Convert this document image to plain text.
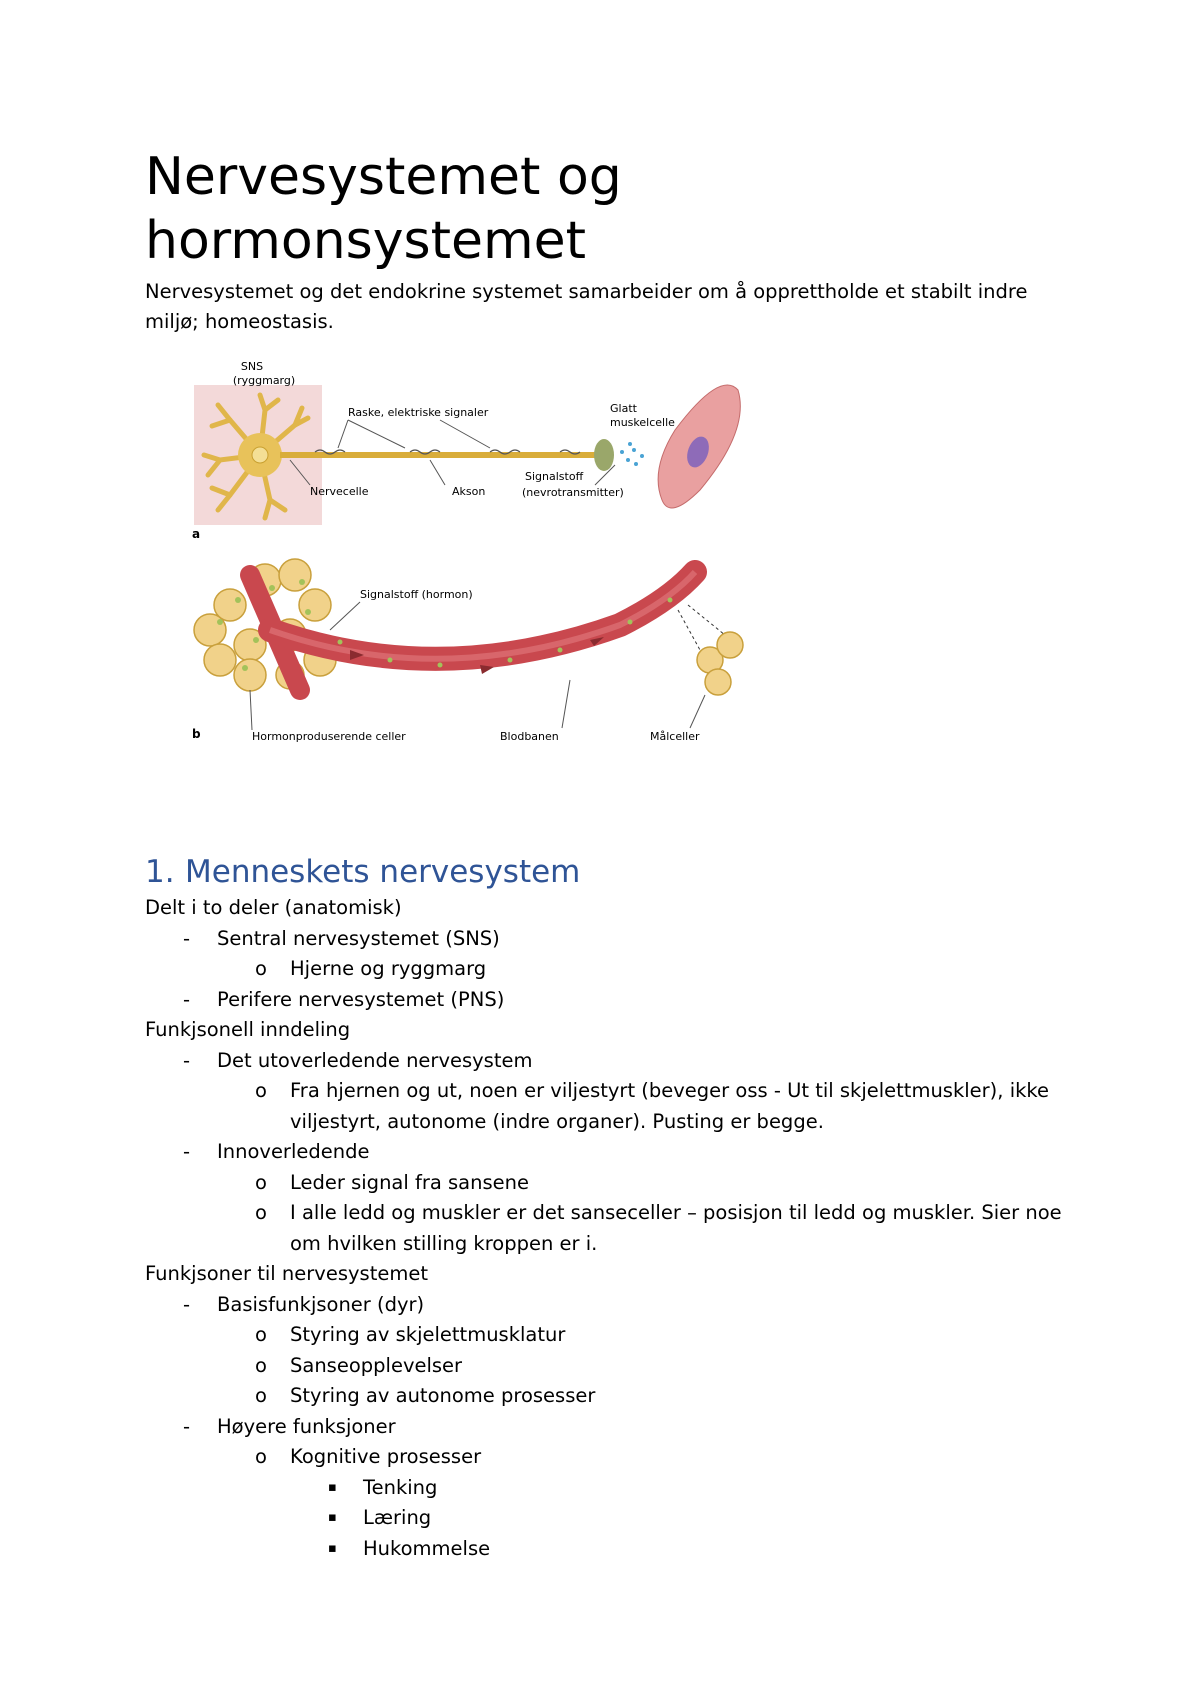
Nervesystemet og
hormonsystemet

Nervesystemet og det endokrine systemet samarbeider om å opprettholde et stabilt indre
miljø; homeostasis.

SNS
(ryggmarg)
Raske, elektriske signaler	Glatt
muskelcelle
Nervecelle	Akson
Signalstoff
(nevrotransmitter)
a
Signalstoff (hormon)
Hormonproduserende celler	Blodbanen	Målceller
b
1. Menneskets nervesystem
Delt i to deler (anatomisk)
- Sentral nervesystemet (SNS)
o Hjerne og ryggmarg
- Perifere nervesystemet (PNS)
Funkjsonell inndeling
- Det utoverledende nervesystem
o Fra hjernen og ut, noen er viljestyrt (beveger oss - Ut til skjelettmuskler), ikke
viljestyrt, autonome (indre organer). Pusting er begge.
- Innoverledende
o Leder signal fra sansene
o I alle ledd og muskler er det sanseceller – posisjon til ledd og muskler. Sier noe
om hvilken stilling kroppen er i.
Funkjsoner til nervesystemet
- Basisfunkjsoner (dyr)
o Styring av skjelettmusklatur
o Sanseopplevelser
o Styring av autonome prosesser
- Høyere funksjoner
o Kognitive prosesser
▪ Tenking
▪ Læring
▪ Hukommelse
